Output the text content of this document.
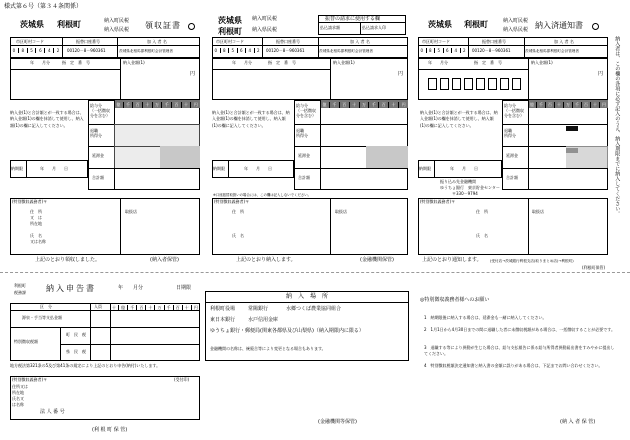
様式第６号（第３４条関係）
茨城県 利根町	納入町民税
納入県民税 領収証書
市区町村コード	振替口座番号	加 入 者 名
0	8	5	6	4	2	00120－8－960361	茨城県北相馬郡利根町会計管理者
年　　月分	指　定　番　号	納入金額(1)
円
億	千	百	十	万	千	百	十	円
給与分
（一括徴収
分を含む）
退職
所得分
延滞金
合計額
納入金(1)と合計額とが一致する場合は、納入金額(1)の欄を抹消して使用し、納入額(1)の欄に記入してください。
納期限	年　　月　　日
(特別徴収義務者)〒
住　所
又　は
所在地
氏　名
又は名称
取扱店
上記のとおり領収しました。	(納入者保管)
茨城県
利根町
納入町民税
納入県民税
振替の請求に使用する欄
払込請求額	払込請求人印
市区町村コード	振替口座番号	加 入 者 名
0	8	5	6	4	2	00120－8－960361	茨城県北相馬郡利根町会計管理者
年　　月分	指　定　番　号	納入金額(1)
円
億	千	百	十	万	千	百	十	円
給与分
（一括徴収
分を含む）
退職
所得分
延滞金
合計額
納入金(1)と合計額とが一致する場合は、納入金額(1)の欄を抹消して使用し、納入額(1)の欄に記入してください。
納期限	年　　月　　日
※口座振替取扱いの場合には、この欄は記入しないでください。
(特別徴収義務者)〒
住　所
氏　名
取扱店
上記のとおり納入します。	(金融機関保管)
茨城県 利根町	納入町民税
納入県民税 納入済通知書
市区町村コード	振替口座番号	加 入 者 名
0	8	5	6	4	2	00120－8－960361	茨城県北相馬郡利根町会計管理者
年　　月分	指　定　番　号	納入金額(1)
円
億	千	百	十	万	千	百	十	円
給与分
（一括徴収
分を含む）
退職
所得分
延滞金
合計額
納入金(1)と合計額とが一致する場合は、納入金額(1)の欄を抹消して使用し、納入額(1)の欄に記入してください。
納期限	年　　月　　日
振り込み先金融機関
ゆうちょ銀行　東京貯金センター
〒330－9794
(特別徴収義務者)〒
住　所
氏　名
取扱店
上記のとおり通知します。 (受付店→茨城銀行利根支店(取りまとめ店)→利根町)
(利根町保管)
納入者は、この欄の各項に必ず記入のうえ、納入期限までに納入してください。
利根町
税務課	納入申告書	年　　月分	日期限
区　分	人員	十	億	千	百	十	万	千	百	十	円
源泉・手当等支払金額
特別徴収税額
町　民　税
県　民　税
地方税法第321条の5及び第41条の規定により上記のとおり申告(納付)いたします。
(特別徴収義務者)〒
住所又は
所在地
氏名又
は名称
(受付印)
法 人 番 号
(利 根 町 保 管)
納　入　場　所
利根町役場	常陽銀行	水郷つくば農業協同組合
東日本銀行	水戸信用金庫
ゆうちょ銀行・郵便局(関東各都県及び山梨県)（納入期限内に限る）
金融機関の名称は、統廃合等により変更となる場合もあります。
(金融機関等保管)
◎特別徴収義務者様へのお願い
1　納期限後に納入する場合は、延滞金も一緒に納入してください。
2　1月1日から4月30日までの間に退職した者に未徴収税額がある場合は、一括徴収することが必要です。
3　退職する等により異動が生じた場合は、給与支払報告に係る給与所得者異動届出書をすみやかに提出してください。
4　特別徴収税額決定通知書と納入書の金額に誤りがある場合は、下記までお問い合わせください。
(納 入 者 保 管)
